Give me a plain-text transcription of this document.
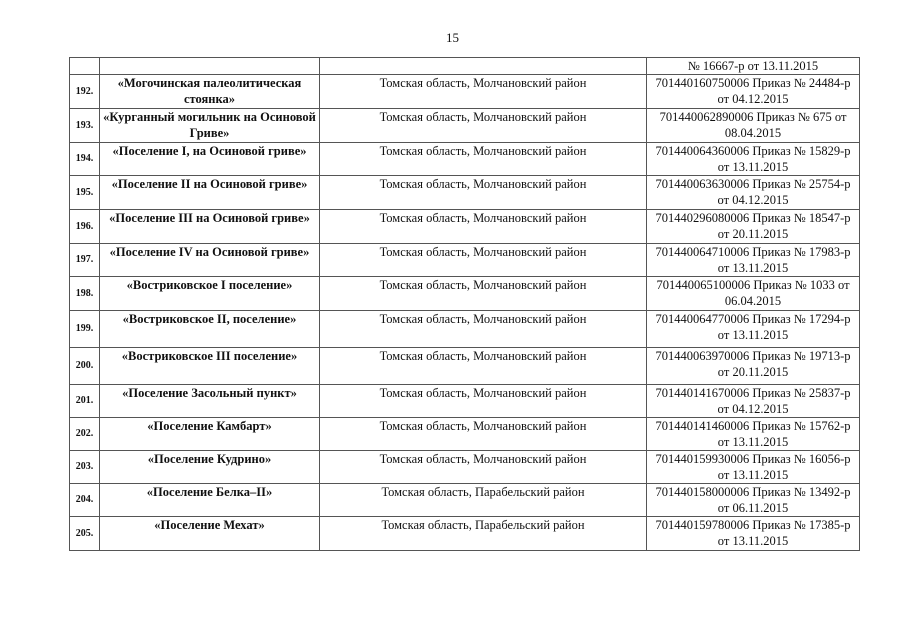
15
			№ 16667-р от 13.11.2015
192.	«Могочинская палеолитическая стоянка»	Томская область, Молчановский район	701440160750006 Приказ № 24484-р от 04.12.2015
193.	«Курганный могильник на Осиновой Гриве»	Томская область, Молчановский район	701440062890006 Приказ № 675 от 08.04.2015
194.	«Поселение I, на Осиновой гриве»	Томская область, Молчановский район	701440064360006 Приказ № 15829-р от 13.11.2015
195.	«Поселение II на Осиновой гриве»	Томская область, Молчановский район	701440063630006 Приказ № 25754-р от 04.12.2015
196.	«Поселение III на Осиновой гриве»	Томская область, Молчановский район	701440296080006 Приказ № 18547-р от 20.11.2015
197.	«Поселение IV на Осиновой гриве»	Томская область, Молчановский район	701440064710006 Приказ № 17983-р от 13.11.2015
198.	«Востриковское I поселение»	Томская область, Молчановский район	701440065100006 Приказ № 1033 от 06.04.2015
199.	«Востриковское II, поселение»	Томская область, Молчановский район	701440064770006 Приказ № 17294-р от 13.11.2015
200.	«Востриковское III поселение»	Томская область, Молчановский район	701440063970006 Приказ № 19713-р от 20.11.2015
201.	«Поселение Засольный пункт»	Томская область, Молчановский район	701440141670006 Приказ № 25837-р от 04.12.2015
202.	«Поселение Камбарт»	Томская область, Молчановский район	701440141460006 Приказ № 15762-р от 13.11.2015
203.	«Поселение Кудрино»	Томская область, Молчановский район	701440159930006 Приказ № 16056-р от 13.11.2015
204.	«Поселение Белка–II»	Томская область, Парабельский район	701440158000006 Приказ № 13492-р от 06.11.2015
205.	«Поселение Мехат»	Томская область, Парабельский район	701440159780006 Приказ № 17385-р от 13.11.2015
